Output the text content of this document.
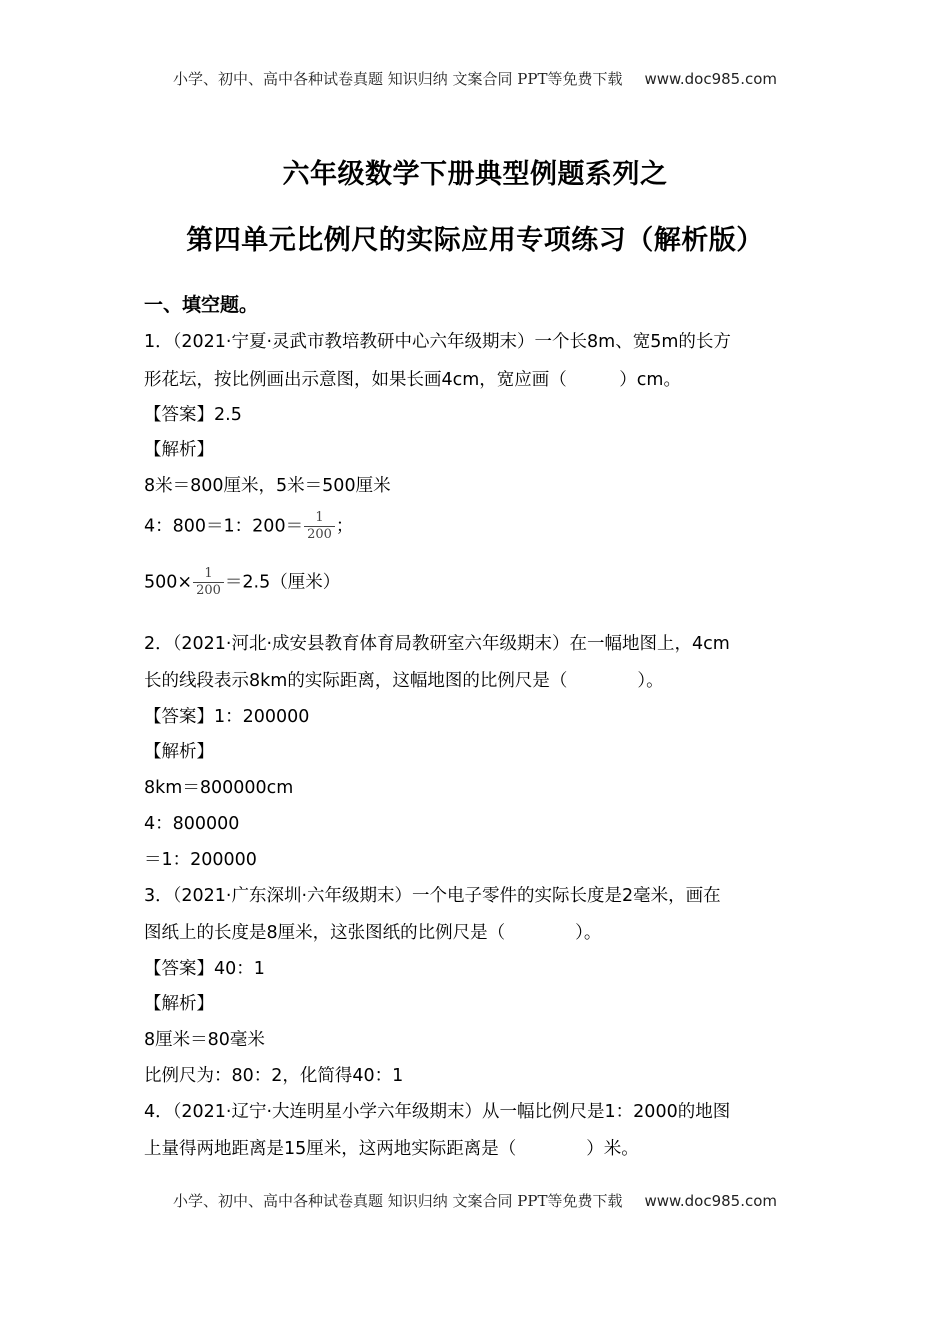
小学、初中、高中各种试卷真题 知识归纳 文案合同 PPT等免费下载 www.doc985.com
六年级数学下册典型例题系列之
第四单元比例尺的实际应用专项练习（解析版）
一、填空题。
1．（2021·宁夏·灵武市教培教研中心六年级期末）一个长8m、宽5m的长方
形花坛，按比例画出示意图，如果长画4cm，宽应画（　　　）cm。
【答案】2.5
【解析】
8米＝800厘米，5米＝500厘米
4：800＝1：$200= \frac{1}{200}$ ；
$500\times \frac{1}{200} =2.5$（厘米）
2．（2021·河北·成安县教育体育局教研室六年级期末）在一幅地图上，4cm
长的线段表示8km的实际距离，这幅地图的比例尺是（　　　　）。
【答案】1：200000
【解析】
8km＝800000cm
4：800000
＝1：200000
3．（2021·广东深圳·六年级期末）一个电子零件的实际长度是2毫米，画在
图纸上的长度是8厘米，这张图纸的比例尺是（　　　　）。
【答案】40：1
【解析】
8厘米＝80毫米
比例尺为：80：2，化简得40：1
4．（2021·辽宁·大连明星小学六年级期末）从一幅比例尺是1：2000的地图
上量得两地距离是15厘米，这两地实际距离是（　　　　）米。
小学、初中、高中各种试卷真题 知识归纳 文案合同 PPT等免费下载 www.doc985.com
